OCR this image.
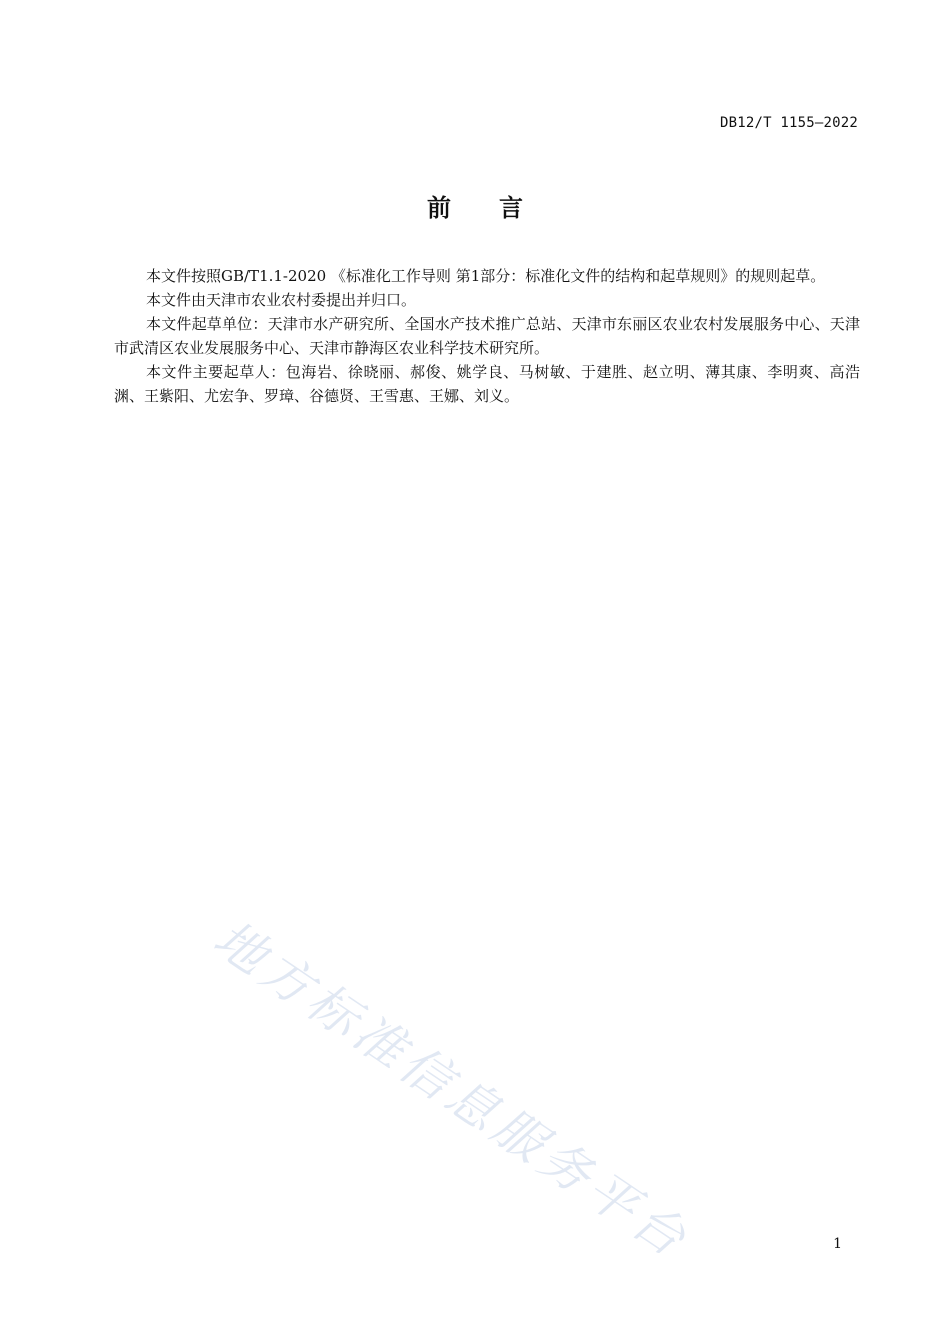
DB12/T 1155—2022
前言

本文件按照GB/T1.1-2020 《标准化工作导则 第1部分：标准化文件的结构和起草规则》的规则起草。

本文件由天津市农业农村委提出并归口。

本文件起草单位：天津市水产研究所、全国水产技术推广总站、天津市东丽区农业农村发展服务中心、天津市武清区农业发展服务中心、天津市静海区农业科学技术研究所。

本文件主要起草人：包海岩、徐晓丽、郝俊、姚学良、马树敏、于建胜、赵立明、薄其康、李明爽、高浩渊、王紫阳、尤宏争、罗璋、谷德贤、王雪惠、王娜、刘义。

地方标准信息服务平台	1
